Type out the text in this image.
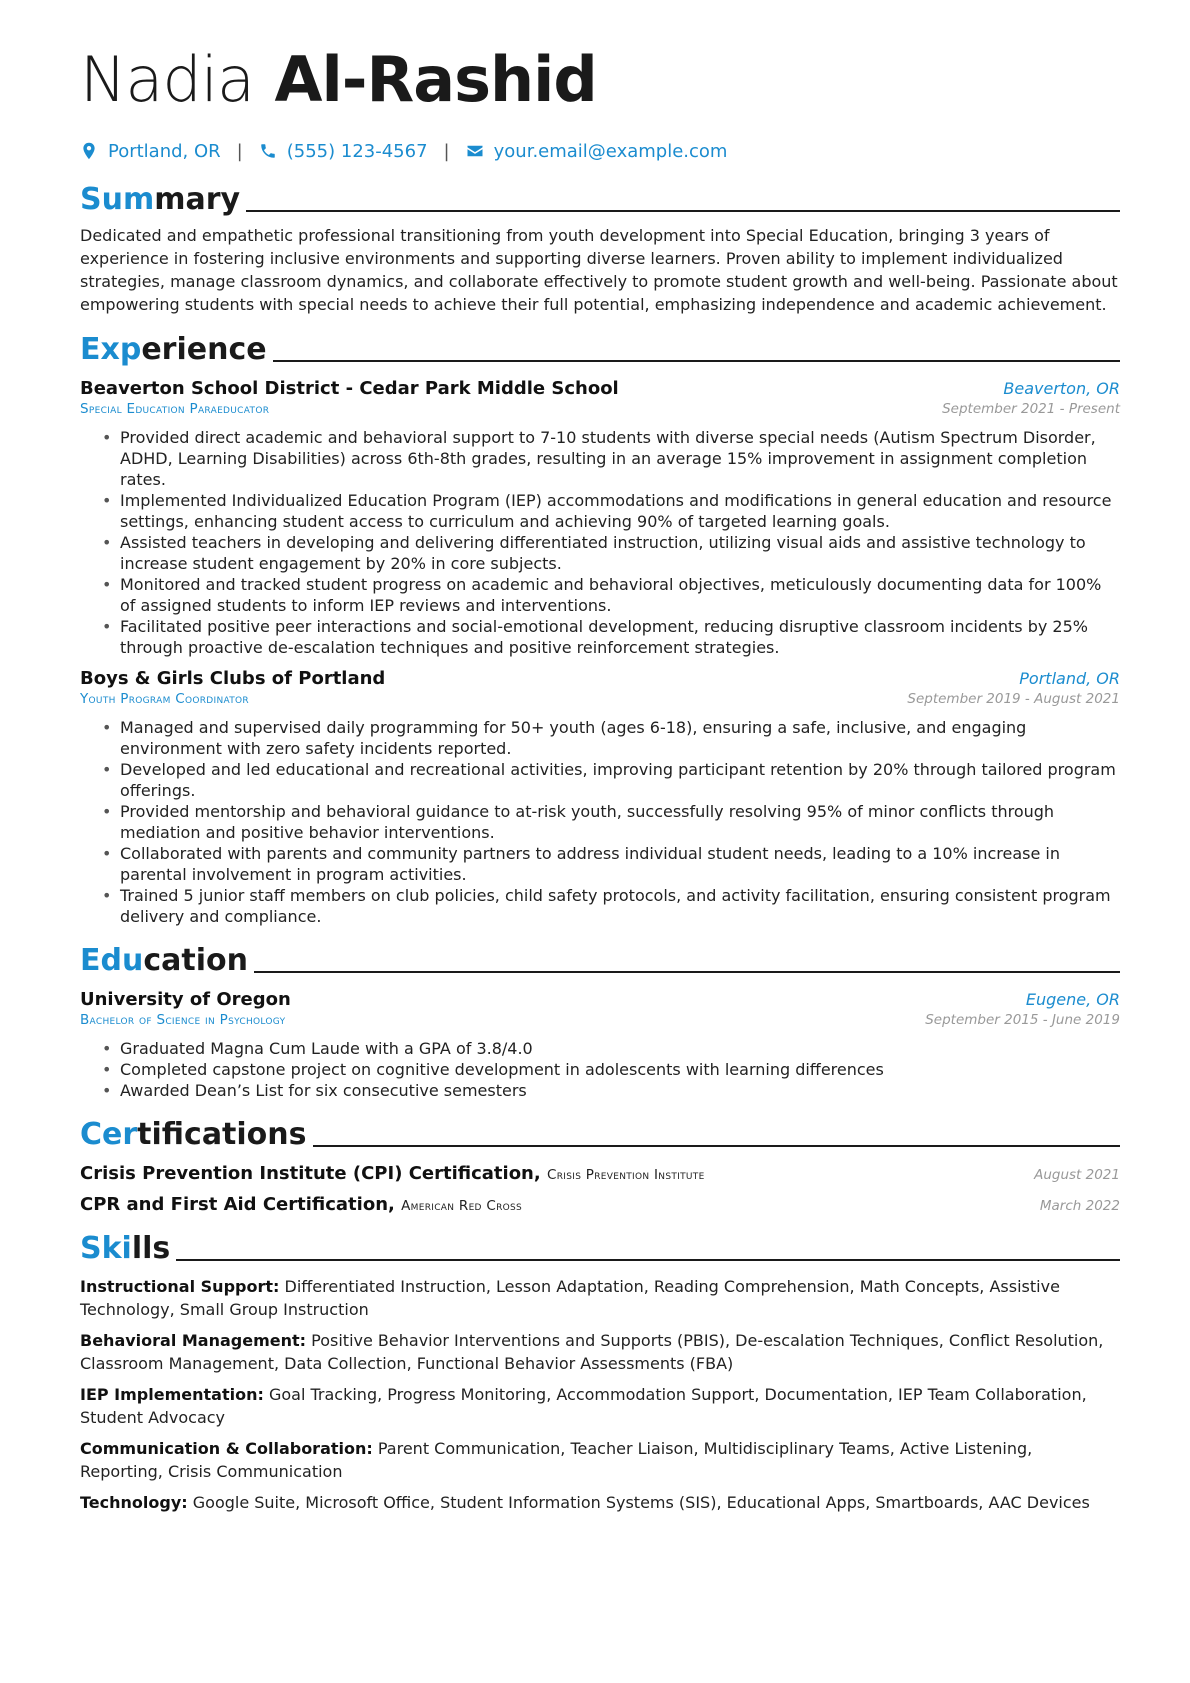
Nadia Al-Rashid
Portland, OR | (555) 123-4567 | your.email@example.com
Summary
Dedicated and empathetic professional transitioning from youth development into Special Education, bringing 3 years of experience in fostering inclusive environments and supporting diverse learners. Proven ability to implement individualized strategies, manage classroom dynamics, and collaborate effectively to promote student growth and well-being. Passionate about empowering students with special needs to achieve their full potential, emphasizing independence and academic achievement.
Experience
Beaverton School District - Cedar Park Middle School	Beaverton, OR
Special Education Paraeducator	September 2021 - Present
• Provided direct academic and behavioral support to 7-10 students with diverse special needs (Autism Spectrum Disorder, ADHD, Learning Disabilities) across 6th-8th grades, resulting in an average 15% improvement in assignment completion rates.
• Implemented Individualized Education Program (IEP) accommodations and modifications in general education and resource settings, enhancing student access to curriculum and achieving 90% of targeted learning goals.
• Assisted teachers in developing and delivering differentiated instruction, utilizing visual aids and assistive technology to increase student engagement by 20% in core subjects.
• Monitored and tracked student progress on academic and behavioral objectives, meticulously documenting data for 100% of assigned students to inform IEP reviews and interventions.
• Facilitated positive peer interactions and social-emotional development, reducing disruptive classroom incidents by 25% through proactive de-escalation techniques and positive reinforcement strategies.
Boys & Girls Clubs of Portland	Portland, OR
Youth Program Coordinator	September 2019 - August 2021
• Managed and supervised daily programming for 50+ youth (ages 6-18), ensuring a safe, inclusive, and engaging environment with zero safety incidents reported.
• Developed and led educational and recreational activities, improving participant retention by 20% through tailored program offerings.
• Provided mentorship and behavioral guidance to at-risk youth, successfully resolving 95% of minor conflicts through mediation and positive behavior interventions.
• Collaborated with parents and community partners to address individual student needs, leading to a 10% increase in parental involvement in program activities.
• Trained 5 junior staff members on club policies, child safety protocols, and activity facilitation, ensuring consistent program delivery and compliance.
Education
University of Oregon	Eugene, OR
Bachelor of Science in Psychology	September 2015 - June 2019
• Graduated Magna Cum Laude with a GPA of 3.8/4.0
• Completed capstone project on cognitive development in adolescents with learning differences
• Awarded Dean’s List for six consecutive semesters
Certifications
Crisis Prevention Institute (CPI) Certification, Crisis Prevention Institute	August 2021
CPR and First Aid Certification, American Red Cross	March 2022
Skills
Instructional Support: Differentiated Instruction, Lesson Adaptation, Reading Comprehension, Math Concepts, Assistive Technology, Small Group Instruction
Behavioral Management: Positive Behavior Interventions and Supports (PBIS), De-escalation Techniques, Conflict Resolution, Classroom Management, Data Collection, Functional Behavior Assessments (FBA)
IEP Implementation: Goal Tracking, Progress Monitoring, Accommodation Support, Documentation, IEP Team Collaboration, Student Advocacy
Communication & Collaboration: Parent Communication, Teacher Liaison, Multidisciplinary Teams, Active Listening, Reporting, Crisis Communication
Technology: Google Suite, Microsoft Office, Student Information Systems (SIS), Educational Apps, Smartboards, AAC Devices
